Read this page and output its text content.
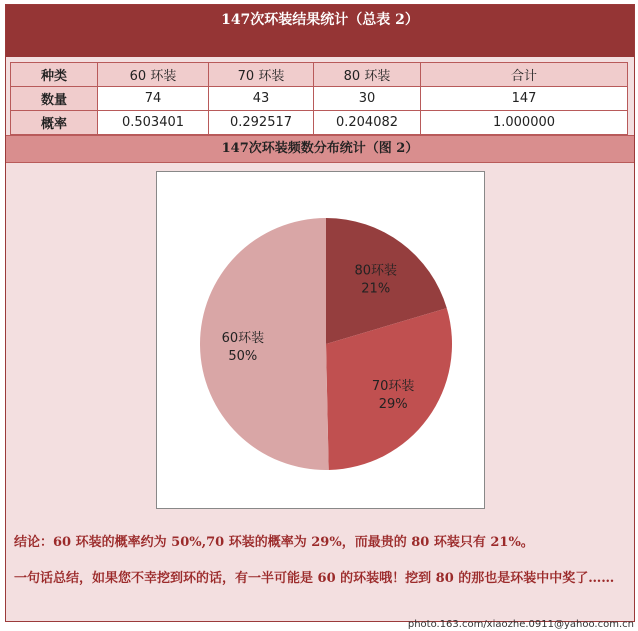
147次环装结果统计（总表 2）
种类	60 环装	70 环装	80 环装	合计
数量	74	43	30	147
概率	0.503401	0.292517	0.204082	1.000000
147次环装频数分布统计（图 2）
80环装
21%
70环装
29%
60环装
50%

结论：60 环装的概率约为 50%,70 环装的概率为 29%，而最贵的 80 环装只有 21%。

一句话总结，如果您不幸挖到环的话，有一半可能是 60 的环装哦！挖到 80 的那也是环装中中奖了……

photo.163.com/xiaozhe.0911@yahoo.com.cn
